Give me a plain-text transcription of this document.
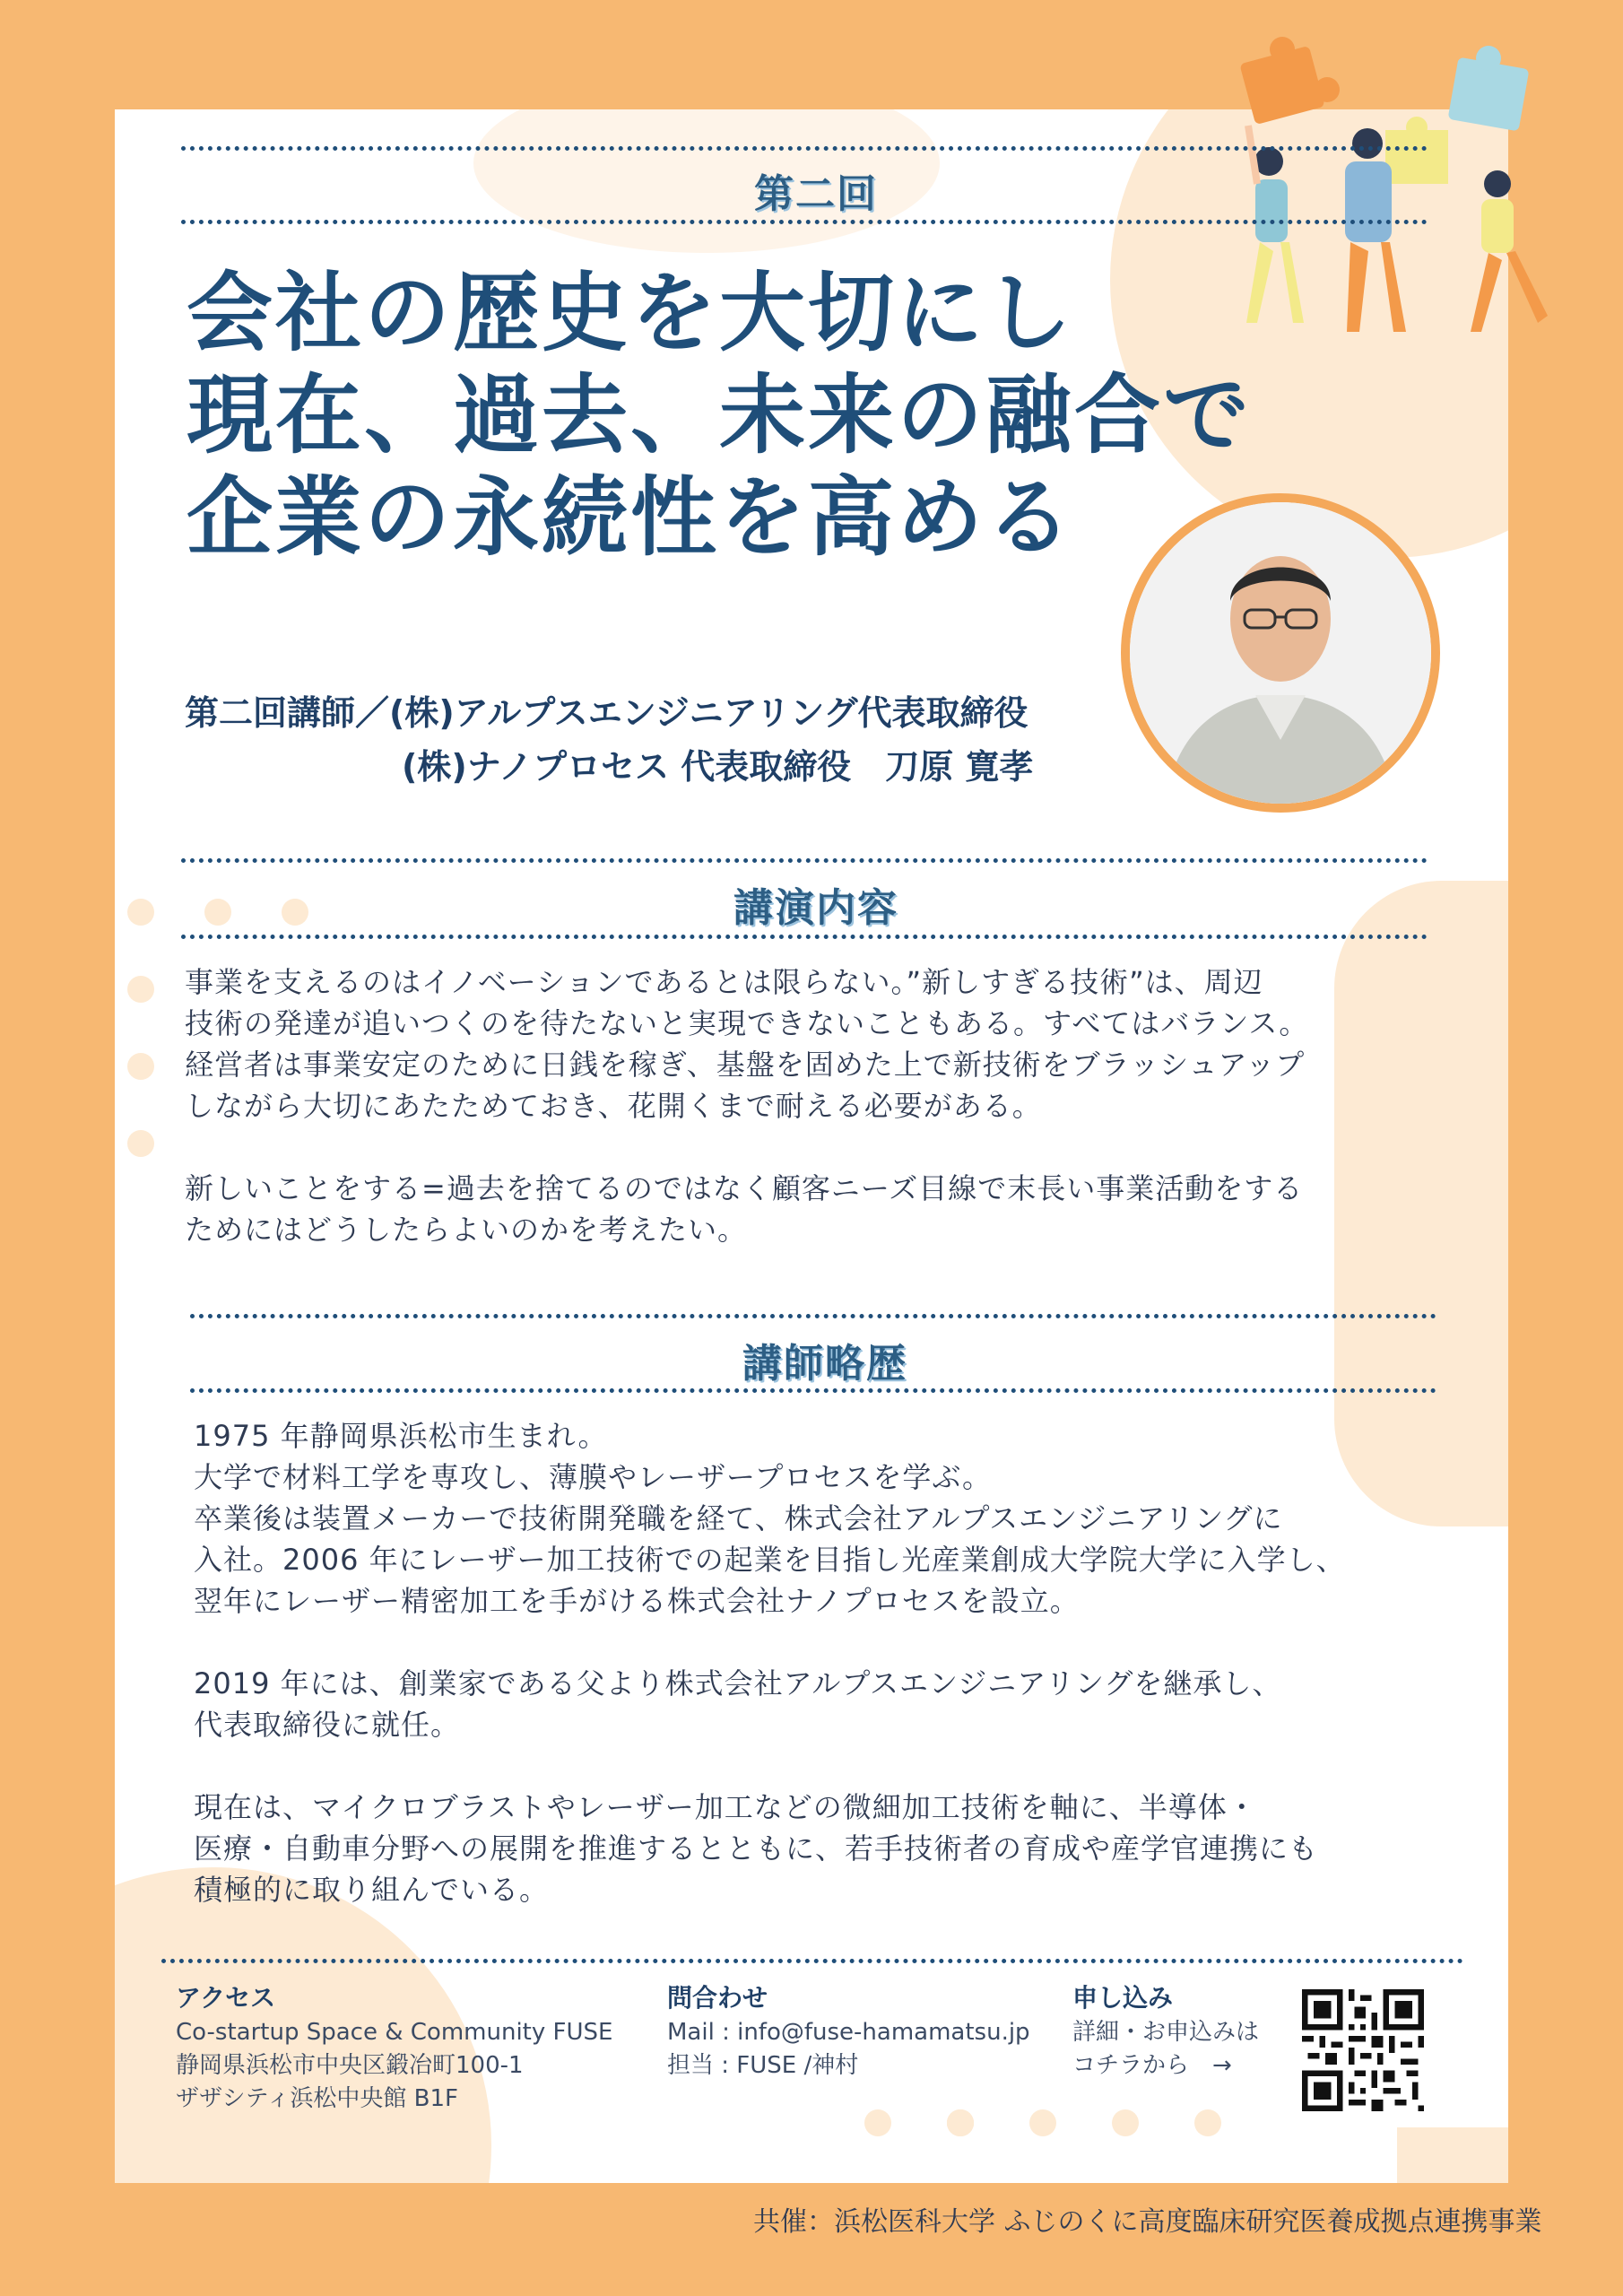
第二回
会社の歴史を大切にし
現在、過去、未来の融合で
企業の永続性を高める
第二回講師／(株)アルプスエンジニアリング代表取締役
(株)ナノプロセス 代表取締役　刀原 寛孝
講演内容
事業を支えるのはイノベーションであるとは限らない。”新しすぎる技術”は、周辺
技術の発達が追いつくのを待たないと実現できないこともある。すべてはバランス。
経営者は事業安定のために日銭を稼ぎ、基盤を固めた上で新技術をブラッシュアップ
しながら大切にあたためておき、花開くまで耐える必要がある。

新しいことをする=過去を捨てるのではなく顧客ニーズ目線で末長い事業活動をする
ためにはどうしたらよいのかを考えたい。
講師略歴
1975 年静岡県浜松市生まれ。
大学で材料工学を専攻し、薄膜やレーザープロセスを学ぶ。
卒業後は装置メーカーで技術開発職を経て、株式会社アルプスエンジニアリングに
入社。2006 年にレーザー加工技術での起業を目指し光産業創成大学院大学に入学し、
翌年にレーザー精密加工を手がける株式会社ナノプロセスを設立。

2019 年には、創業家である父より株式会社アルプスエンジニアリングを継承し、
代表取締役に就任。

現在は、マイクロブラストやレーザー加工などの微細加工技術を軸に、半導体・
医療・自動車分野への展開を推進するとともに、若手技術者の育成や産学官連携にも
積極的に取り組んでいる。
アクセス
Co-startup Space & Community FUSE
静岡県浜松市中央区鍛冶町100-1
ザザシティ浜松中央館 B1F
問合わせ
Mail : info@fuse-hamamatsu.jp
担当 : FUSE /神村
申し込み
詳細・お申込みは
コチラから　→
共催：浜松医科大学 ふじのくに高度臨床研究医養成拠点連携事業
